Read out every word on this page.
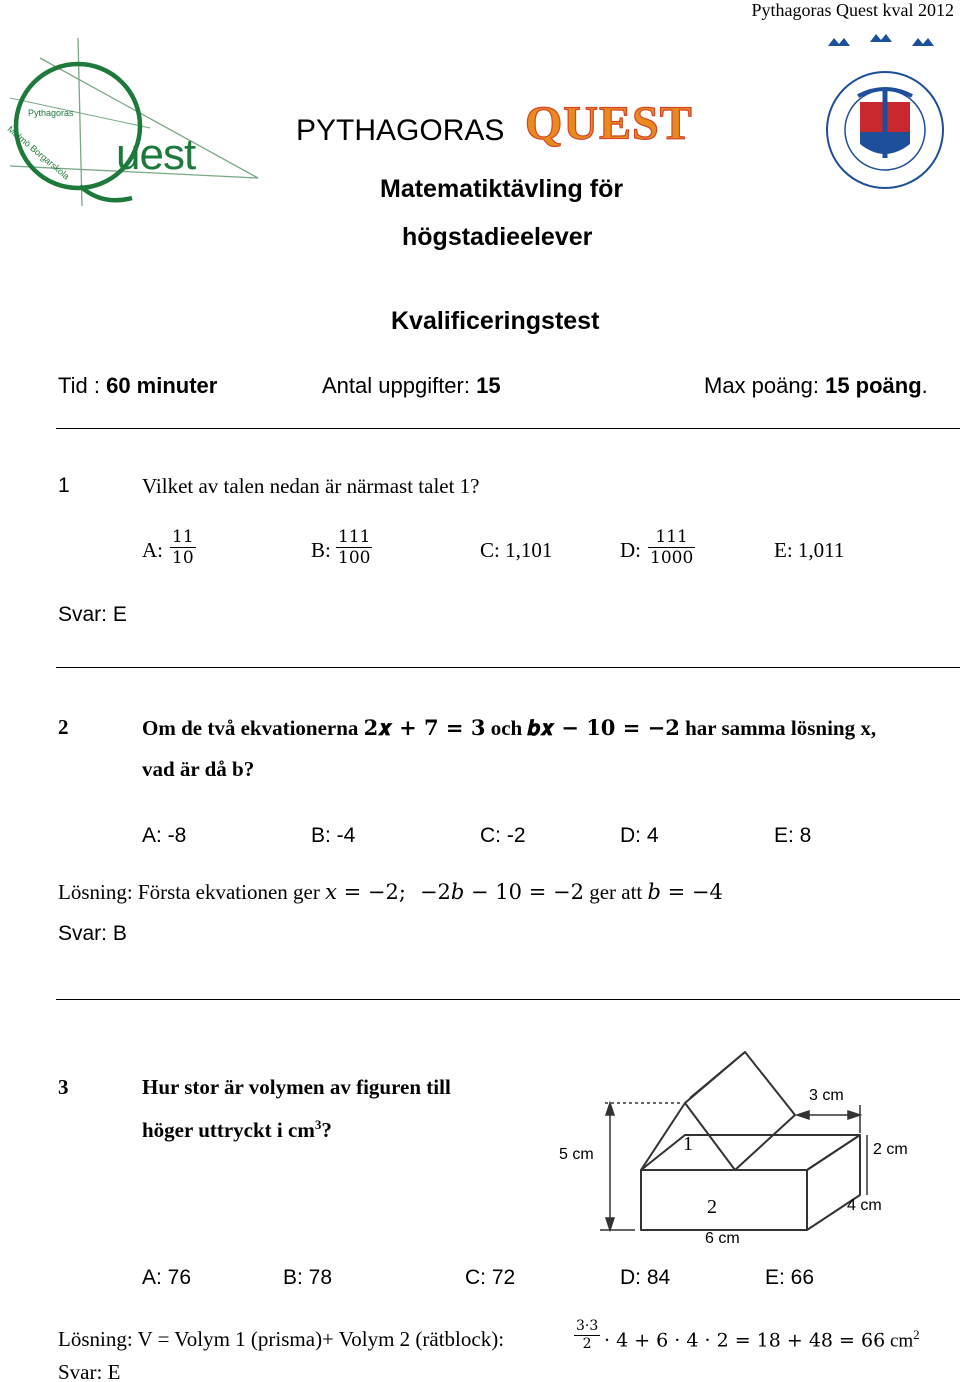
Pythagoras Quest kval 2012
uest
Pythagoras
Malmö Borgarskola	PYTHAGORAS QUEST
Matematiktävling för
högstadieelever
Kvalificeringstest
Tid : 60 minuter	Antal uppgifter: 15	Max poäng: 15 poäng.
1	Vilket av talen nedan är närmast talet 1?
A: $\frac{11}{10}$	B: $\frac{111}{100}$	C: 1,101	D: $\frac{111}{1000}$	E: 1,011
Svar: E
2	Om de två ekvationerna 2𝒙 + 𝟕 = 𝟑 och 𝒃𝒙 − 𝟏𝟎 = −𝟐 har samma lösning x,
vad är då b?
A: -8	B: -4	C: -2	D: 4	E: 8
Lösning: Första ekvationen ger 𝑥 = −2; −2𝑏 − 10 = −2 ger att 𝑏 = −4
Svar: B
3	Hur stor är volymen av figuren till
höger uttryckt i $cm^3$?
3 cm
5 cm	2 cm
4 cm
6 cm
1
2
A: 76	B: 78	C: 72	D: 84	E: 66
Lösning: V = Volym 1 (prisma)+ Volym 2 (rätblock):	$\frac{3\cdot 3}{2} \cdot 4 + 6 \cdot 4 \cdot 2 = 18 + 48 = 66$ $cm^2$
Svar: E
